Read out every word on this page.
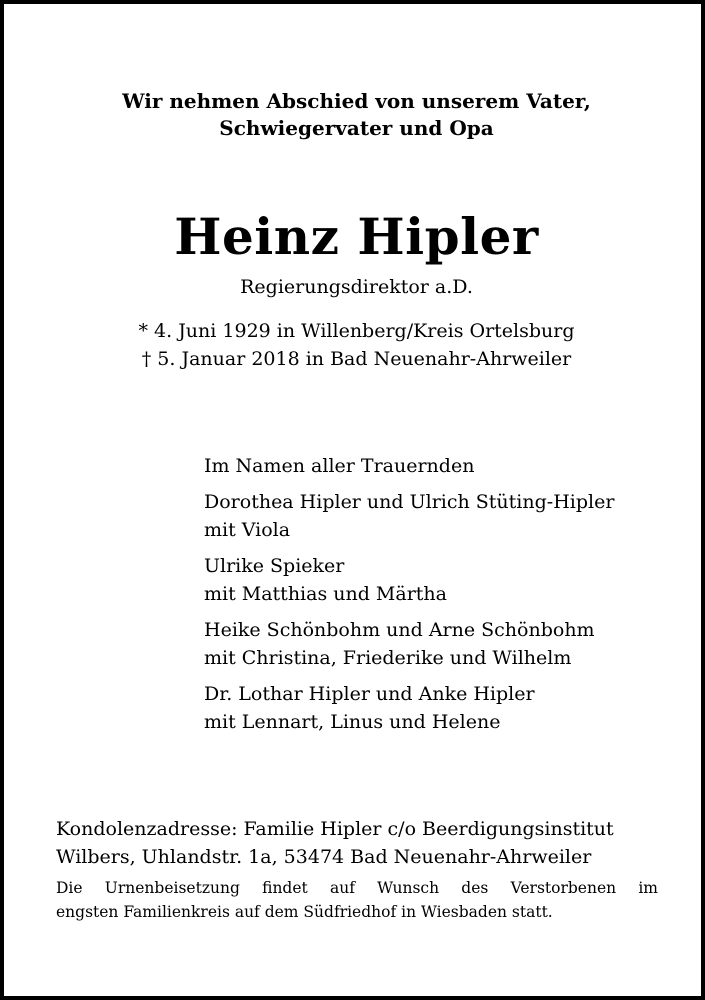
Wir nehmen Abschied von unserem Vater,
Schwiegervater und Opa
Heinz Hipler
Regierungsdirektor a.D.
* 4. Juni 1929 in Willenberg/Kreis Ortelsburg
† 5. Januar 2018 in Bad Neuenahr-Ahrweiler
Im Namen aller Trauernden
Dorothea Hipler und Ulrich Stüting-Hipler
mit Viola
Ulrike Spieker
mit Matthias und Märtha
Heike Schönbohm und Arne Schönbohm
mit Christina, Friederike und Wilhelm
Dr. Lothar Hipler und Anke Hipler
mit Lennart, Linus und Helene
Kondolenzadresse: Familie Hipler c/o Beerdigungsinstitut
Wilbers, Uhlandstr. 1a, 53474 Bad Neuenahr-Ahrweiler
Die Urnenbeisetzung findet auf Wunsch des Verstorbenen im
engsten Familienkreis auf dem Südfriedhof in Wiesbaden statt.
